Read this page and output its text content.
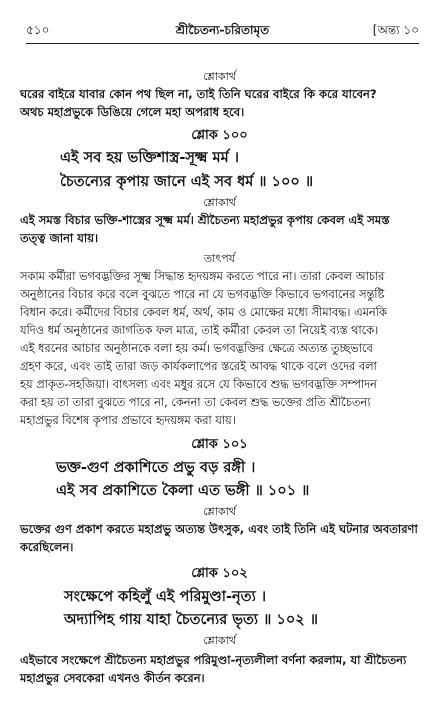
৫১০	শ্রীচৈতন্য-চরিতামৃত	[অন্ত্য ১০
শ্লোকার্থ
ঘরের বাইরে যাবার কোন পথ ছিল না, তাই তিনি ঘরের বাইরে কি করে যাবেন?
অথচ মহাপ্রভুকে ডিঙিয়ে গেলে মহা অপরাধ হবে।
শ্লোক ১০০
এই সব হয় ভক্তিশাস্ত্র-সূক্ষ্ম মর্ম ।
চৈতন্যের কৃপায় জানে এই সব ধর্ম ॥ ১০০ ॥
শ্লোকার্থ
এই সমস্ত বিচার ভক্তি-শাস্ত্রের সূক্ষ্ম মর্ম। শ্রীচৈতন্য মহাপ্রভুর কৃপায় কেবল এই সমস্ত
তত্ত্ব জানা যায়।
তাৎপর্য
সকাম কর্মীরা ভগবদ্ভক্তির সূক্ষ্ম সিদ্ধান্ত হৃদয়ঙ্গম করতে পারে না। তারা কেবল আচার
অনুষ্ঠানের বিচার করে বলে বুঝতে পারে না যে ভগবদ্ভক্তি কিভাবে ভগবানের সন্তুষ্টি
বিধান করে। কর্মীদের বিচার কেবল ধর্ম, অর্থ, কাম ও মোক্ষের মধ্যে সীমাবদ্ধ। এমনকি
যদিও ধর্ম অনুষ্ঠানের জাগতিক ফল মাত্র, তাই কর্মীরা কেবল তা নিয়েই ব্যস্ত থাকে।
এই ধরনের আচার অনুষ্ঠানকে বলা হয় কর্ম। ভগবদ্ভক্তির ক্ষেত্রে অত্যন্ত তুচ্ছভাবে
গ্রহণ করে, এবং তাই তারা জড় কার্যকলাপের স্তরেই আবদ্ধ থাকে বলে ওদের বলা
হয় প্রাকৃত-সহজিয়া। বাৎসল্য এবং মধুর রসে যে কিভাবে শুদ্ধ ভগবদ্ভক্তি সম্পাদন
করা হয় তা তারা বুঝতে পারে না, কেননা তা কেবল শুদ্ধ ভক্তের প্রতি শ্রীচৈতন্য
মহাপ্রভুর বিশেষ কৃপার প্রভাবে হৃদয়ঙ্গম করা যায়।
শ্লোক ১০১
ভক্ত-গুণ প্রকাশিতে প্রভু বড় রঙ্গী ।
এই সব প্রকাশিতে কৈলা এত ভঙ্গী ॥ ১০১ ॥
শ্লোকার্থ
ভক্তের গুণ প্রকাশ করতে মহাপ্রভু অত্যন্ত উৎসুক, এবং তাই তিনি এই ঘটনার অবতারণা
করেছিলেন।
শ্লোক ১০২
সংক্ষেপে কহিলুঁ এই পরিমুণ্ডা-নৃত্য ।
অদ্যাপিহ গায় যাহা চৈতন্যের ভৃত্য ॥ ১০২ ॥
শ্লোকার্থ
এইভাবে সংক্ষেপে শ্রীচৈতন্য মহাপ্রভুর পরিমুণ্ডা-নৃত্যলীলা বর্ণনা করলাম, যা শ্রীচৈতন্য
মহাপ্রভুর সেবকেরা এখনও কীর্তন করেন।
